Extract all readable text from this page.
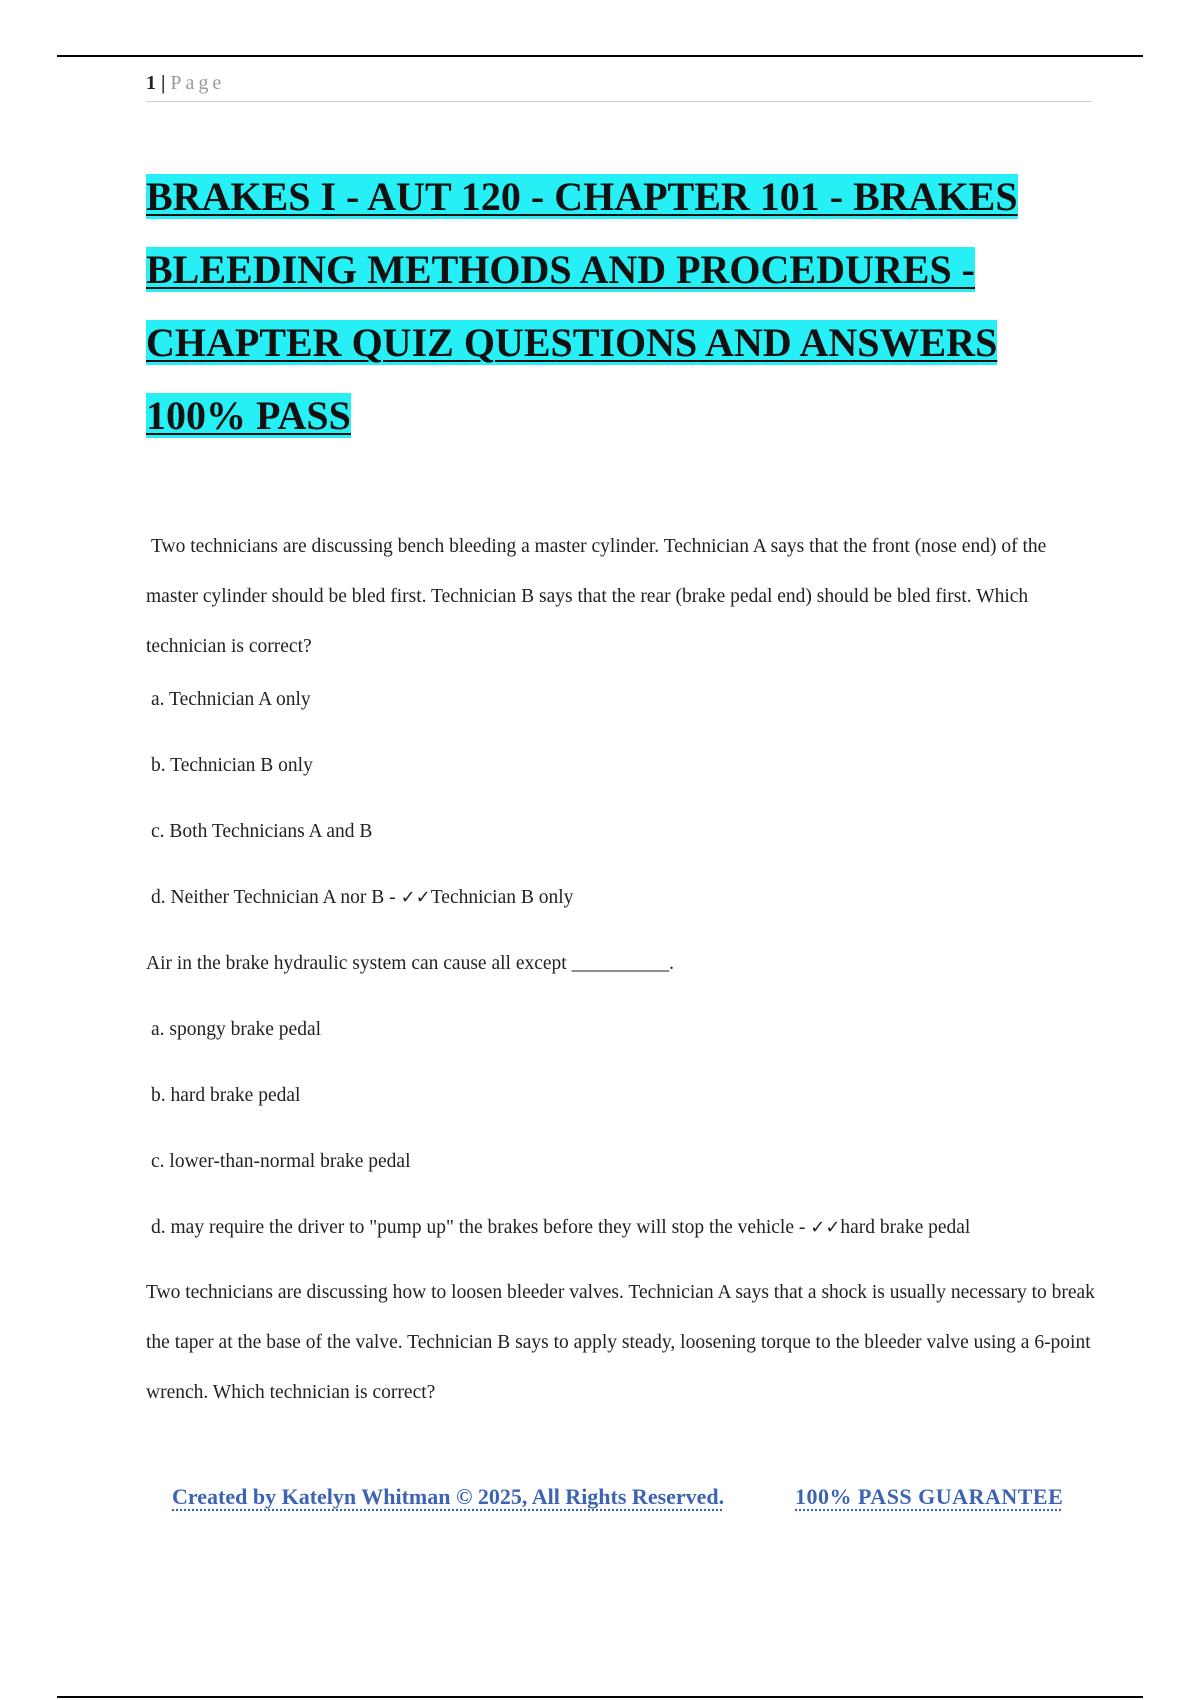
1 | Page
BRAKES I - AUT 120 - CHAPTER 101 - BRAKES BLEEDING METHODS AND PROCEDURES - CHAPTER QUIZ QUESTIONS AND ANSWERS 100% PASS

Two technicians are discussing bench bleeding a master cylinder. Technician A says that the front (nose end) of the master cylinder should be bled first. Technician B says that the rear (brake pedal end) should be bled first. Which technician is correct?

a. Technician A only

b. Technician B only

c. Both Technicians A and B

d. Neither Technician A nor B - ✓✓Technician B only

Air in the brake hydraulic system can cause all except __________.

a. spongy brake pedal

b. hard brake pedal

c. lower-than-normal brake pedal

d. may require the driver to "pump up" the brakes before they will stop the vehicle - ✓✓hard brake pedal

Two technicians are discussing how to loosen bleeder valves. Technician A says that a shock is usually necessary to break the taper at the base of the valve. Technician B says to apply steady, loosening torque to the bleeder valve using a 6-point wrench. Which technician is correct?

Created by Katelyn Whitman © 2025, All Rights Reserved.	100% PASS GUARANTEE
